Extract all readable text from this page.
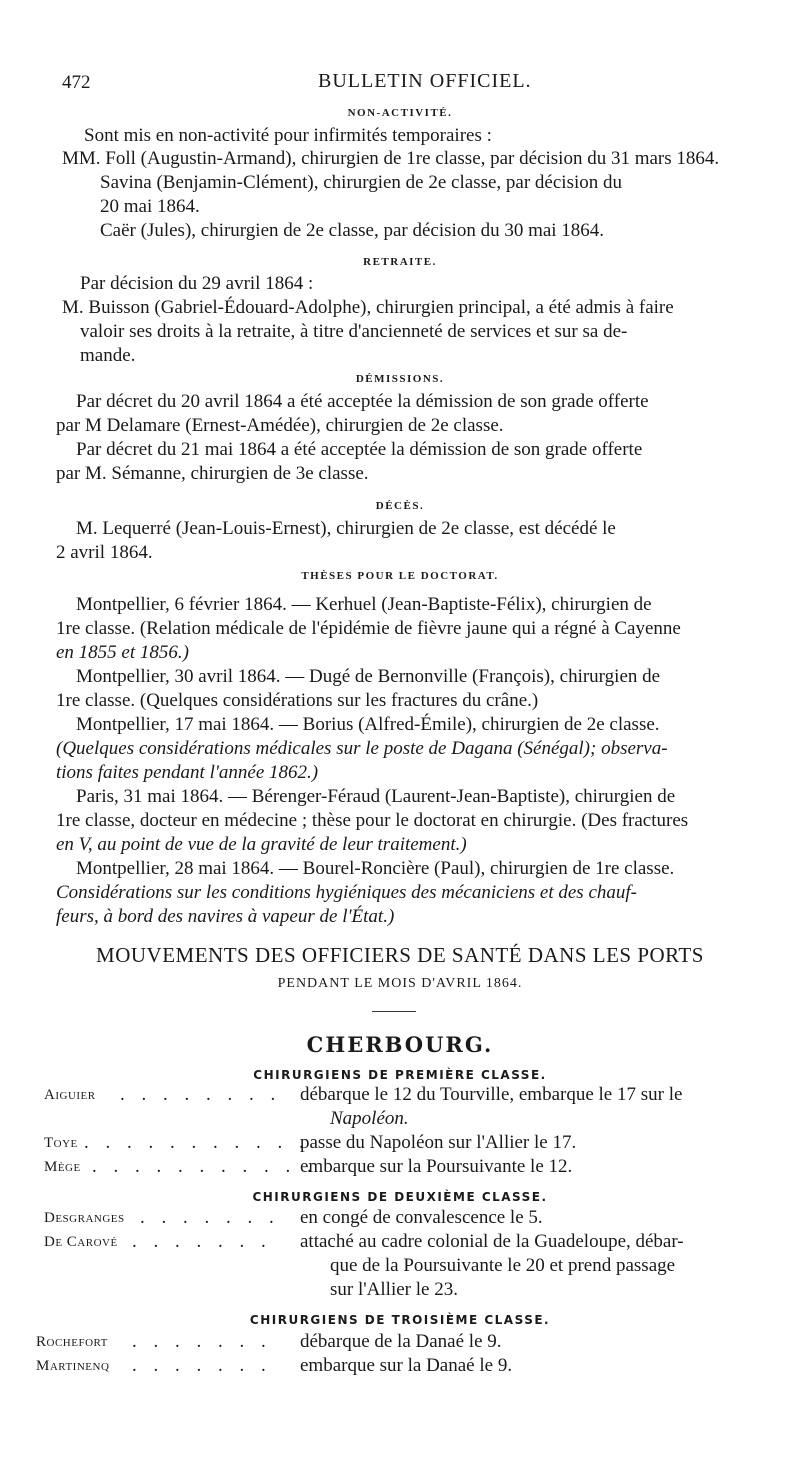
472	BULLETIN OFFICIEL.
NON-ACTIVITÉ.
Sont mis en non-activité pour infirmités temporaires :
MM. Foll (Augustin-Armand), chirurgien de 1re classe, par décision du 31 mars 1864.
Savina (Benjamin-Clément), chirurgien de 2e classe, par décision du
20 mai 1864.
Caër (Jules), chirurgien de 2e classe, par décision du 30 mai 1864.
RETRAITE.
Par décision du 29 avril 1864 :
M. Buisson (Gabriel-Édouard-Adolphe), chirurgien principal, a été admis à faire
valoir ses droits à la retraite, à titre d'ancienneté de services et sur sa de-
mande.
DÉMISSIONS.
Par décret du 20 avril 1864 a été acceptée la démission de son grade offerte
par M Delamare (Ernest-Amédée), chirurgien de 2e classe.
Par décret du 21 mai 1864 a été acceptée la démission de son grade offerte
par M. Sémanne, chirurgien de 3e classe.
DÉCÈS.
M. Lequerré (Jean-Louis-Ernest), chirurgien de 2e classe, est décédé le
2 avril 1864.
THÈSES POUR LE DOCTORAT.
Montpellier, 6 février 1864. — Kerhuel (Jean-Baptiste-Félix), chirurgien de
1re classe. (Relation médicale de l'épidémie de fièvre jaune qui a régné à Cayenne
en 1855 et 1856.)
Montpellier, 30 avril 1864. — Dugé de Bernonville (François), chirurgien de
1re classe. (Quelques considérations sur les fractures du crâne.)
Montpellier, 17 mai 1864. — Borius (Alfred-Émile), chirurgien de 2e classe.
(Quelques considérations médicales sur le poste de Dagana (Sénégal); observa-
tions faites pendant l'année 1862.)
Paris, 31 mai 1864. — Bérenger-Féraud (Laurent-Jean-Baptiste), chirurgien de
1re classe, docteur en médecine ; thèse pour le doctorat en chirurgie. (Des fractures
en V, au point de vue de la gravité de leur traitement.)
Montpellier, 28 mai 1864. — Bourel-Roncière (Paul), chirurgien de 1re classe.
Considérations sur les conditions hygiéniques des mécaniciens et des chauf-
feurs, à bord des navires à vapeur de l'État.)
MOUVEMENTS DES OFFICIERS DE SANTÉ DANS LES PORTS
PENDANT LE MOIS D'AVRIL 1864.
CHERBOURG.
CHIRURGIENS DE PREMIÈRE CLASSE.
Aiguier . . . . . . . . débarque le 12 du Tourville, embarque le 17 sur le
Napoléon.
Toye . . . . . . . . . . .
passe du Napoléon sur l'Allier le 17.
Mège . . . . . . . . . . .
embarque sur la Poursuivante le 12.
CHIRURGIENS DE DEUXIÈME CLASSE.
Desgranges . . . . . . . en congé de convalescence le 5.
De Carové . . . . . . . attaché au cadre colonial de la Guadeloupe, débar-
que de la Poursuivante le 20 et prend passage
sur l'Allier le 23.
CHIRURGIENS DE TROISIÈME CLASSE.
Rochefort . . . . . . . débarque de la Danaé le 9.
Martinenq . . . . . . . embarque sur la Danaé le 9.
